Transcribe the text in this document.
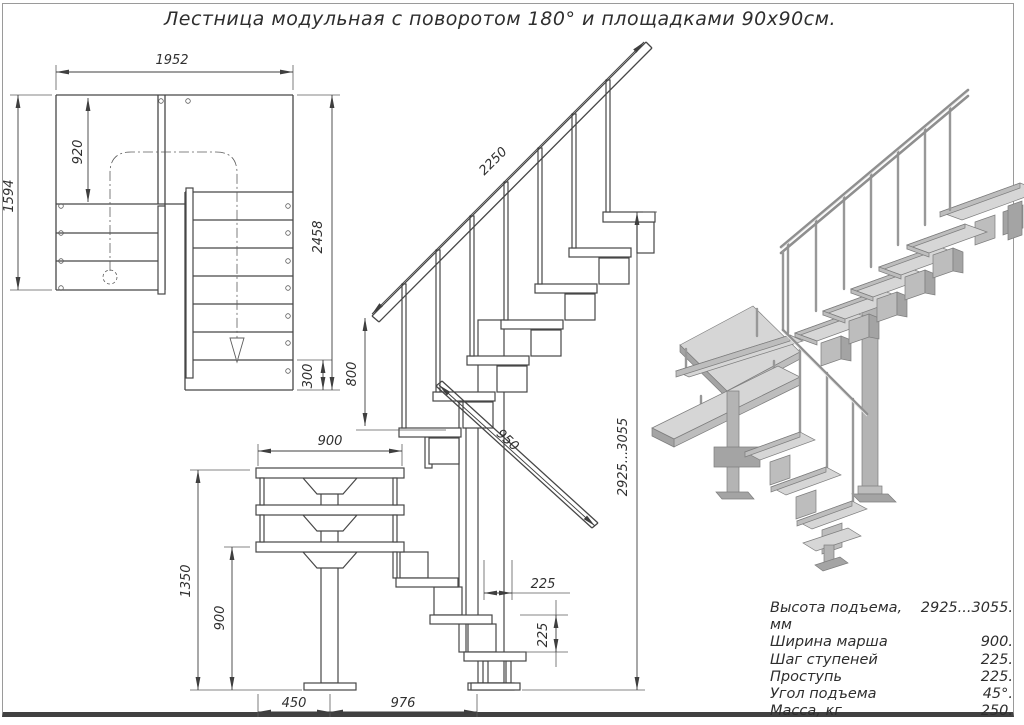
Лестница модульная с поворотом 180° и площадками 90х90см.
1952
1594
920
2458
300
2250
950
800
900
1350
900
450	976
225
225
2925...3055
Высота подъема, мм
2925...3055.
Ширина марша	900.
Шаг ступеней	225.
Проступь	225.
Угол подъема	45°.
Масса, кг	250.
